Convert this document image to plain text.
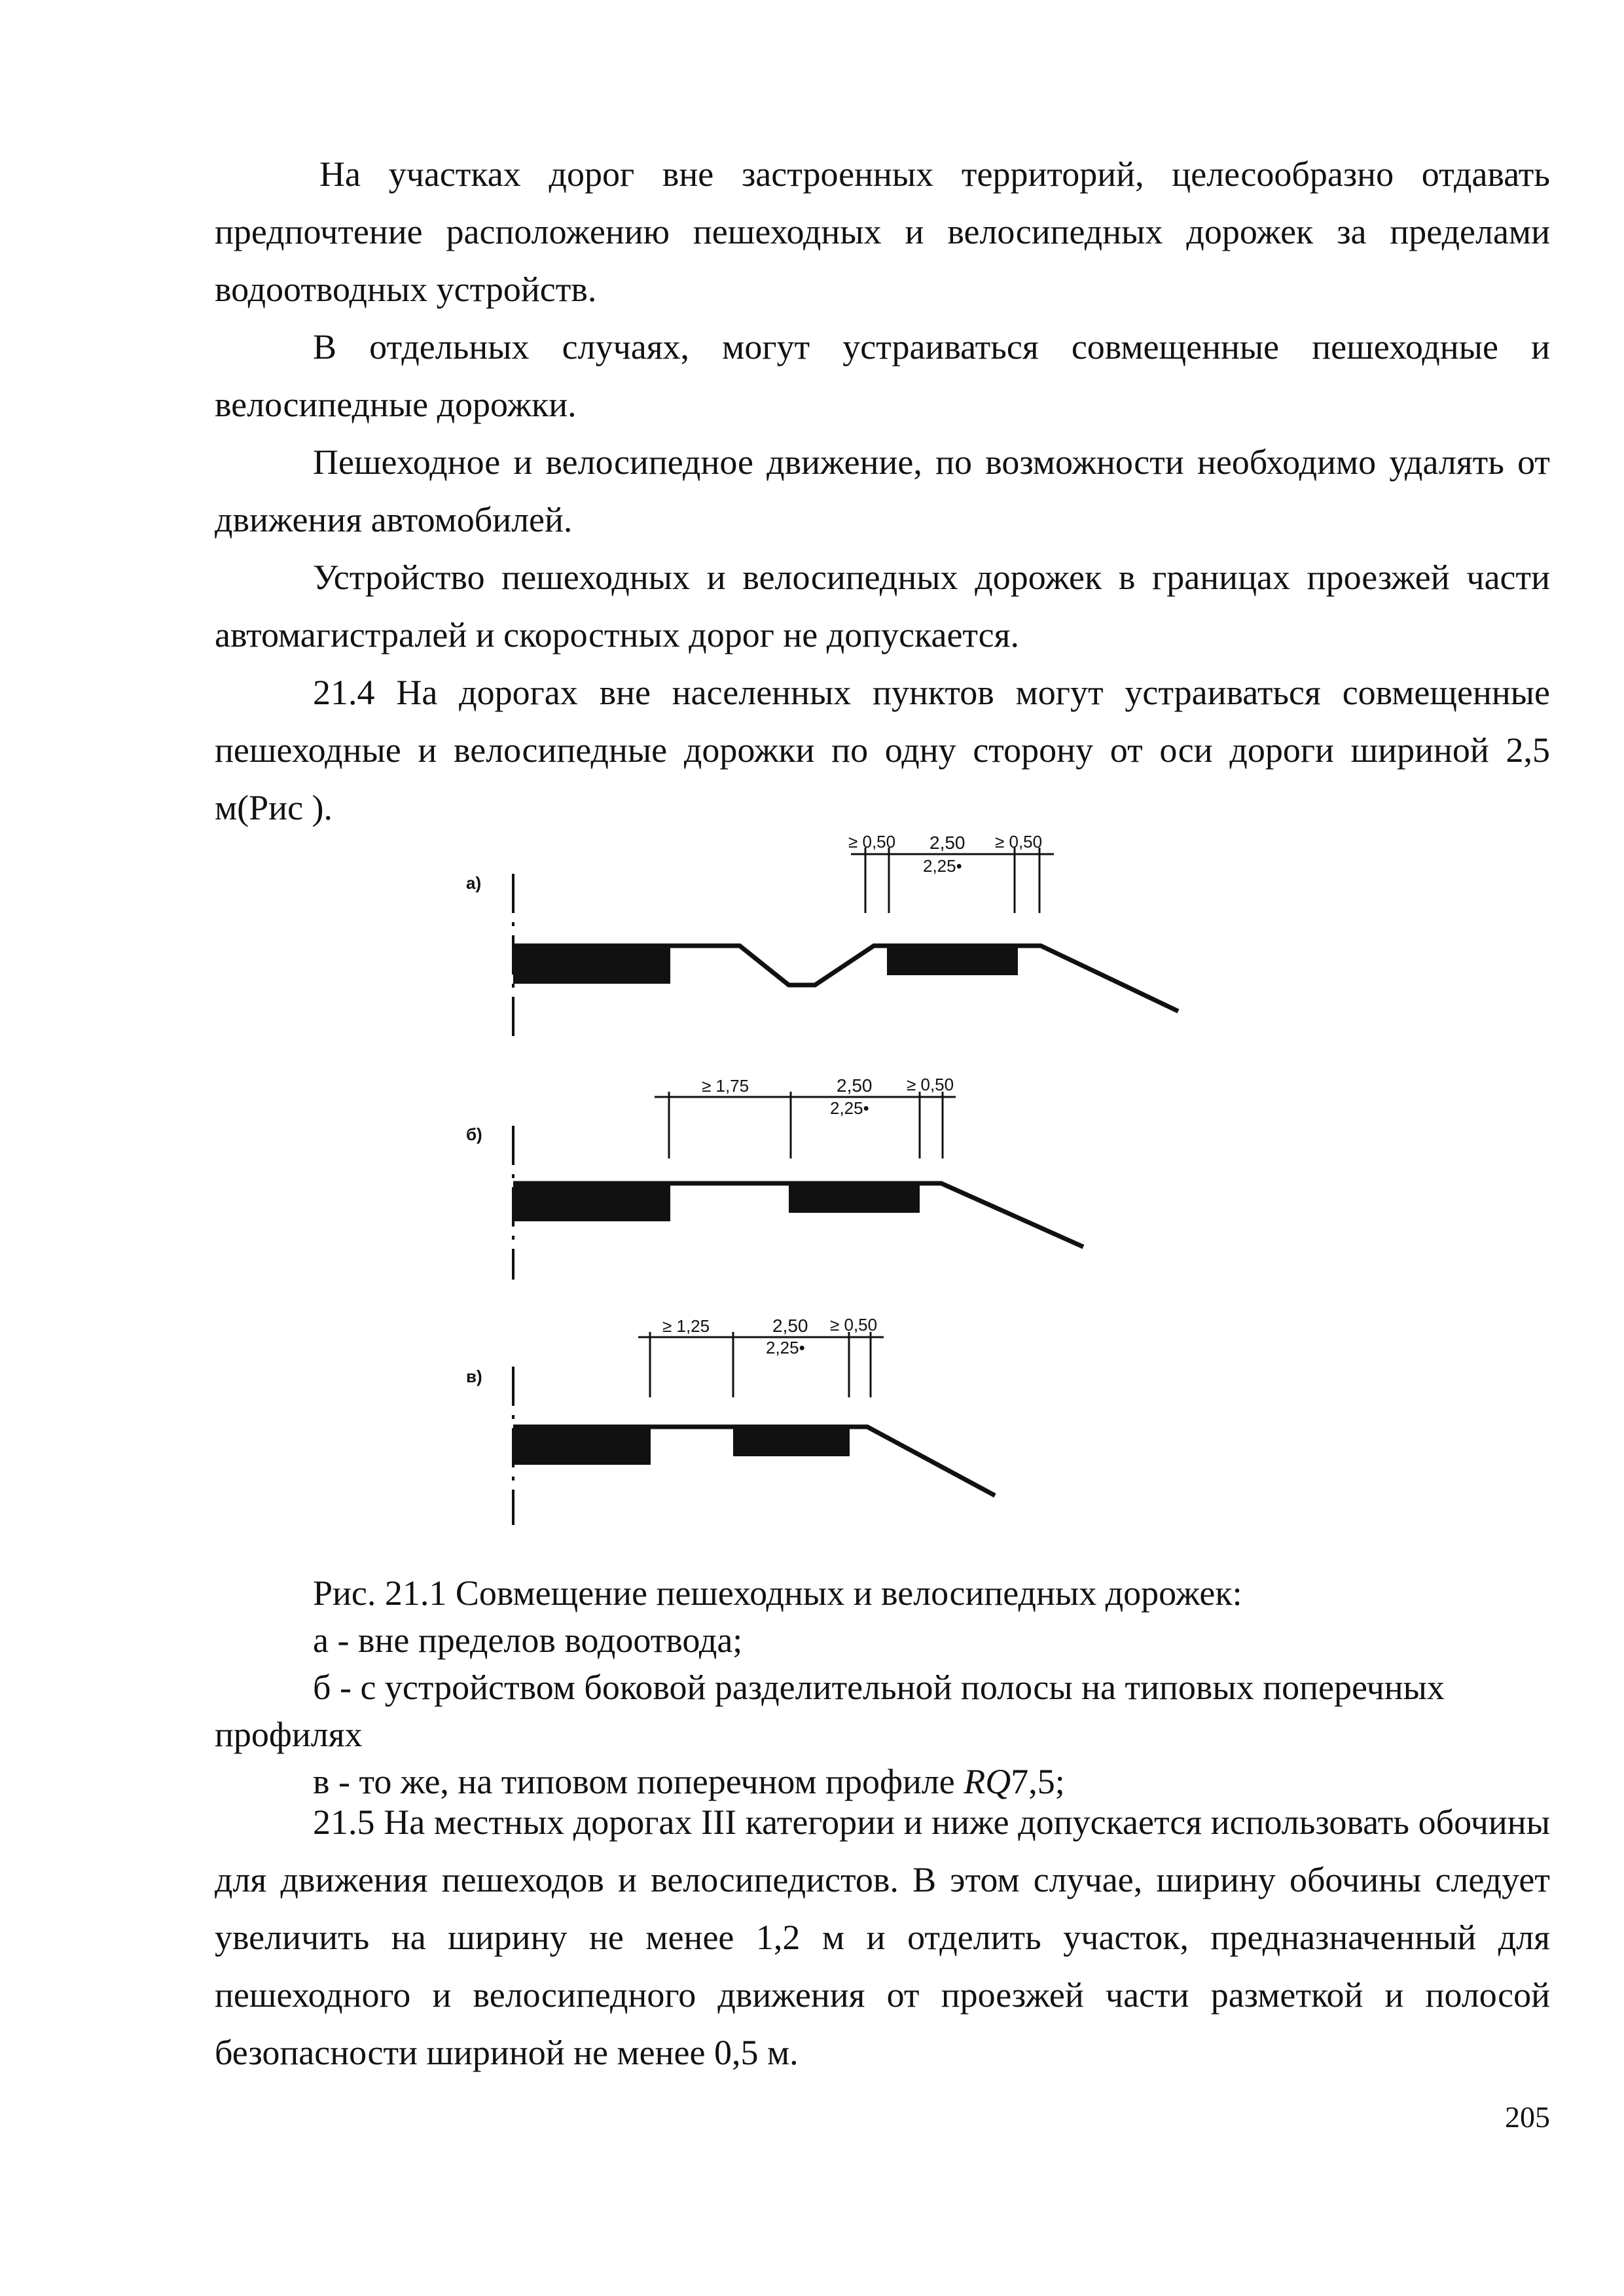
На участках дорог вне застроенных территорий, целесообразно отдавать предпочтение расположению пешеходных и велосипедных дорожек за пределами водоотводных устройств.

В отдельных случаях, могут устраиваться совмещенные пешеходные и велосипедные дорожки.

Пешеходное и велосипедное движение, по возможности необходимо удалять от движения автомобилей.

Устройство пешеходных и велосипедных дорожек в границах проезжей части автомагистралей и скоростных дорог не допускается.

21.4 На дорогах вне населенных пунктов могут устраиваться совмещенные пешеходные и велосипедные дорожки по одну сторону от оси дороги шириной 2,5 м(Рис ).

а)
≥ 0,50 2,50
2,25•
≥ 0,50
б)
≥ 1,75	2,50
2,25•
≥ 0,50
в)
≥ 1,25	2,50
2,25•
≥ 0,50

Рис. 21.1 Совмещение пешеходных и велосипедных дорожек:

а - вне пределов водоотвода;

б - с устройством боковой разделительной полосы на типовых поперечных профилях

в - то же, на типовом поперечном профиле RQ7,5;

21.5 На местных дорогах III категории и ниже допускается использовать обочины для движения пешеходов и велосипедистов. В этом случае, ширину обочины следует увеличить на ширину не менее 1,2 м и отделить участок, предназначенный для пешеходного и велосипедного движения от проезжей части разметкой и полосой безопасности шириной не менее 0,5 м.

205
